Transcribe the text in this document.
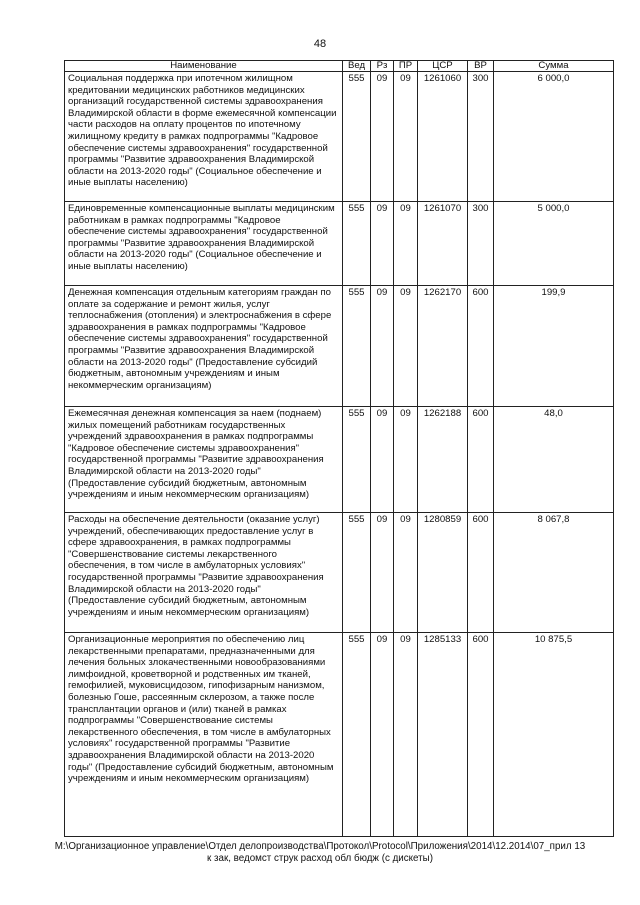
48
Наименование	Вед	Рз	ПР	ЦСР	ВР	Сумма
Социальная поддержка при ипотечном жилищном кредитовании медицинских работников медицинских организаций государственной системы здравоохранения Владимирской области в форме ежемесячной компенсации части расходов на оплату процентов по ипотечному жилищному кредиту в рамках подпрограммы "Кадровое обеспечение системы здравоохранения" государственной программы "Развитие здравоохранения Владимирской области на 2013-2020 годы" (Социальное обеспечение и иные выплаты населению)	555	09	09	1261060	300	6 000,0
Единовременные компенсационные выплаты медицинским работникам в рамках подпрограммы "Кадровое обеспечение системы здравоохранения" государственной программы "Развитие здравоохранения Владимирской области на 2013-2020 годы" (Социальное обеспечение и иные выплаты населению)	555	09	09	1261070	300	5 000,0
Денежная компенсация отдельным категориям граждан по оплате за содержание и ремонт жилья, услуг теплоснабжения (отопления) и электроснабжения в сфере здравоохранения в рамках подпрограммы "Кадровое обеспечение системы здравоохранения" государственной программы "Развитие здравоохранения Владимирской области на 2013-2020 годы" (Предоставление субсидий бюджетным, автономным учреждениям и иным некоммерческим организациям)	555	09	09	1262170	600	199,9
Ежемесячная денежная компенсация за наем (поднаем) жилых помещений работникам государственных учреждений здравоохранения в рамках подпрограммы "Кадровое обеспечение системы здравоохранения" государственной программы "Развитие здравоохранения Владимирской области на 2013-2020 годы" (Предоставление субсидий бюджетным, автономным учреждениям и иным некоммерческим организациям)	555	09	09	1262188	600	48,0
Расходы на обеспечение деятельности (оказание услуг) учреждений, обеспечивающих предоставление услуг в сфере здравоохранения, в рамках подпрограммы "Совершенствование системы лекарственного обеспечения, в том числе в амбулаторных условиях" государственной программы "Развитие здравоохранения Владимирской области на 2013-2020 годы" (Предоставление субсидий бюджетным, автономным учреждениям и иным некоммерческим организациям)	555	09	09	1280859	600	8 067,8
Организационные мероприятия по обеспечению лиц лекарственными препаратами, предназначенными для лечения больных злокачественными новообразованиями лимфоидной, кроветворной и родственных им тканей, гемофилией, муковисцидозом, гипофизарным нанизмом, болезнью Гоше, рассеянным склерозом, а также после трансплантации органов и (или) тканей в рамках подпрограммы "Совершенствование системы лекарственного обеспечения, в том числе в амбулаторных условиях" государственной программы "Развитие здравоохранения Владимирской области на 2013-2020 годы" (Предоставление субсидий бюджетным, автономным учреждениям и иным некоммерческим организациям)	555	09	09	1285133	600	10 875,5
М:\Организационное управление\Отдел делопроизводства\Протокол\Protocol\Приложения\2014\12.2014\07_прил 13
к зак, ведомст струк расход обл бюдж (с дискеты)
